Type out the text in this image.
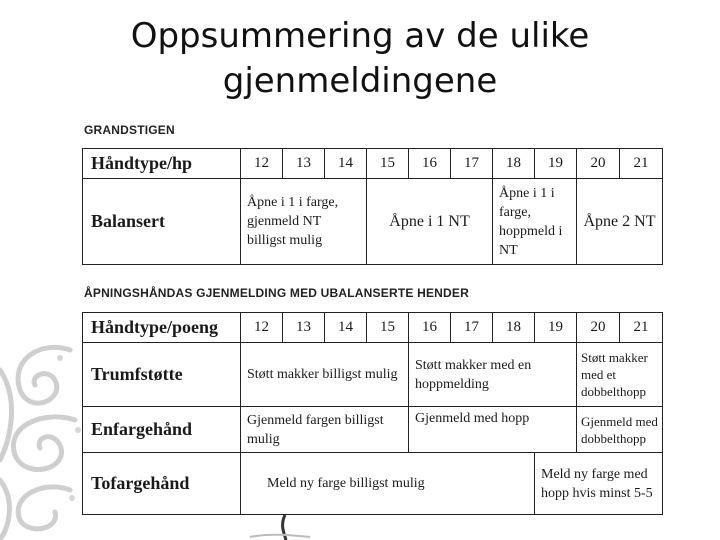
Oppsummering av de ulike
gjenmeldingene
GRANDSTIGEN
Håndtype/hp	12	13	14	15	16	17	18	19	20	21
Balansert	Åpne i 1 i farge, gjenmeld NT billigst mulig			Åpne i 1 NT			Åpne i 1 i farge, hoppmeld i NT		Åpne 2 NT	
ÅPNINGSHÅNDAS GJENMELDING MED UBALANSERTE HENDER
Håndtype/poeng	12	13	14	15	16	17	18	19	20	21
Trumfstøtte	Støtt makker billigst mulig				Støtt makker med en hoppmelding				Støtt makker med et dobbelthopp	
Enfargehånd	Gjenmeld fargen billigst mulig				Gjenmeld med hopp				Gjenmeld med dobbelthopp	
Tofargehånd	Meld ny farge billigst mulig							Meld ny farge med hopp hvis minst 5-5		
